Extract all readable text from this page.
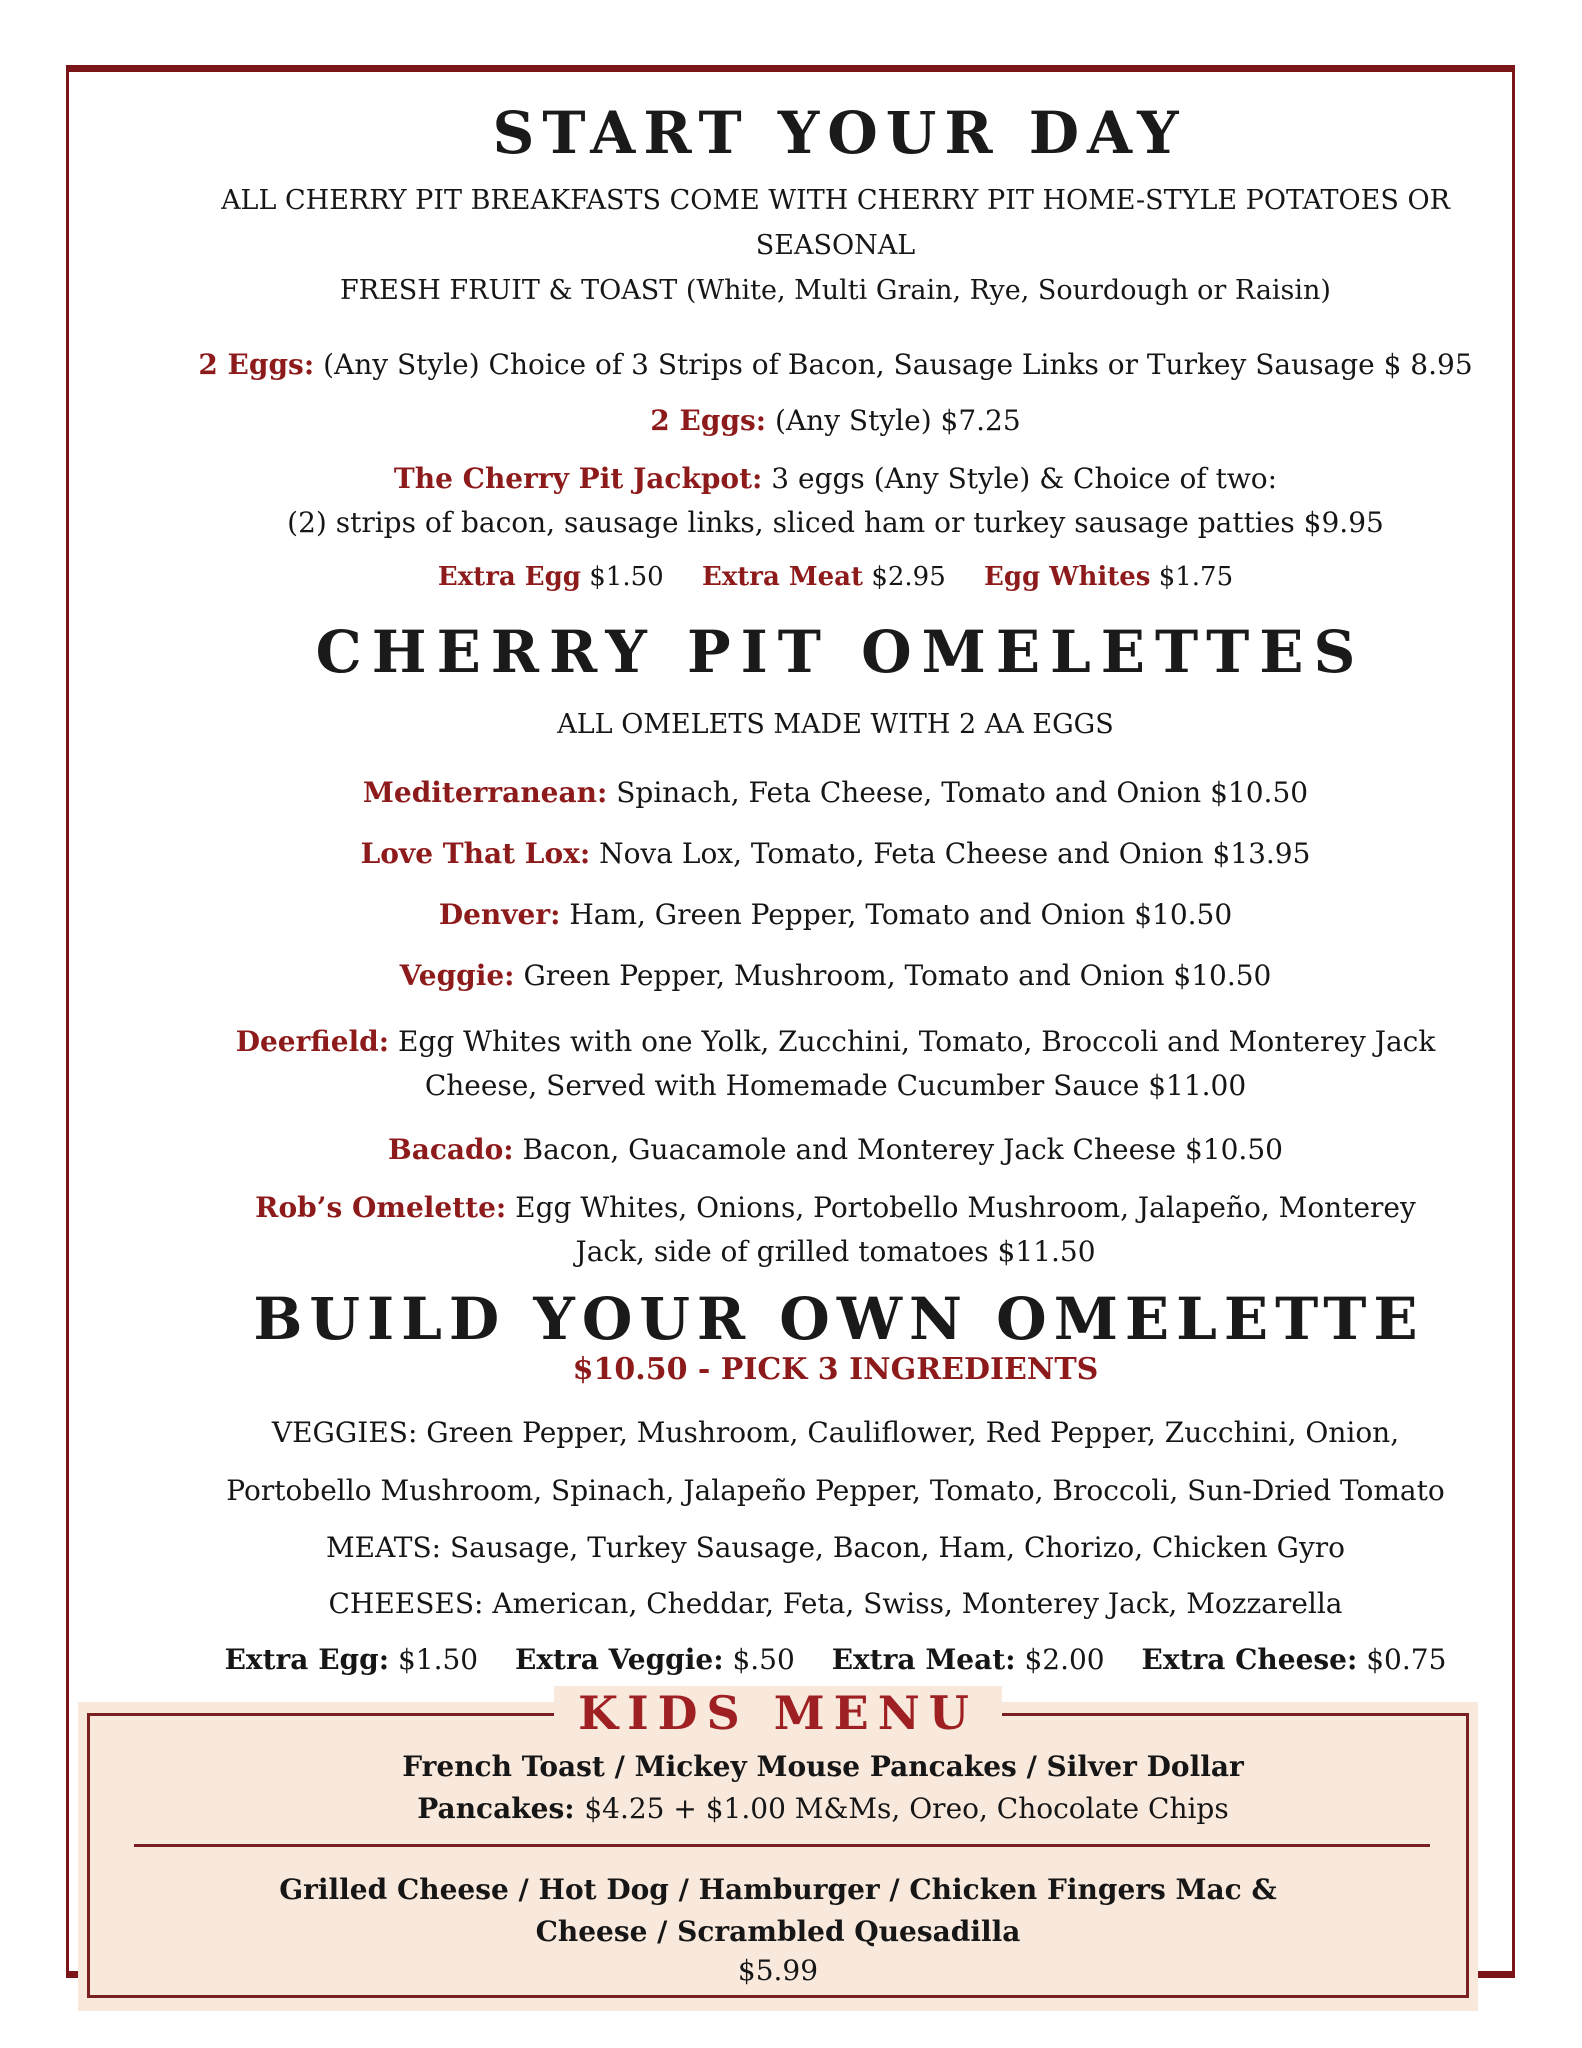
START YOUR DAY
ALL CHERRY PIT BREAKFASTS COME WITH CHERRY PIT HOME-STYLE POTATOES OR SEASONAL
FRESH FRUIT & TOAST (White, Multi Grain, Rye, Sourdough or Raisin)

2 Eggs: (Any Style) Choice of 3 Strips of Bacon, Sausage Links or Turkey Sausage $ 8.95

2 Eggs: (Any Style) $7.25

The Cherry Pit Jackpot: 3 eggs (Any Style) & Choice of two:
(2) strips of bacon, sausage links, sliced ham or turkey sausage patties $9.95

Extra Egg $1.50 Extra Meat $2.95 Egg Whites $1.75

CHERRY PIT OMELETTES
ALL OMELETS MADE WITH 2 AA EGGS

Mediterranean: Spinach, Feta Cheese, Tomato and Onion $10.50

Love That Lox: Nova Lox, Tomato, Feta Cheese and Onion $13.95

Denver: Ham, Green Pepper, Tomato and Onion $10.50

Veggie: Green Pepper, Mushroom, Tomato and Onion $10.50

Deerfield: Egg Whites with one Yolk, Zucchini, Tomato, Broccoli and Monterey Jack
Cheese, Served with Homemade Cucumber Sauce $11.00

Bacado: Bacon, Guacamole and Monterey Jack Cheese $10.50

Rob’s Omelette: Egg Whites, Onions, Portobello Mushroom, Jalapeño, Monterey
Jack, side of grilled tomatoes $11.50

BUILD YOUR OWN OMELETTE
$10.50 - PICK 3 INGREDIENTS
VEGGIES: Green Pepper, Mushroom, Cauliflower, Red Pepper, Zucchini, Onion,
Portobello Mushroom, Spinach, Jalapeño Pepper, Tomato, Broccoli, Sun-Dried Tomato
MEATS: Sausage, Turkey Sausage, Bacon, Ham, Chorizo, Chicken Gyro
CHEESES: American, Cheddar, Feta, Swiss, Monterey Jack, Mozzarella
Extra Egg: $1.50 Extra Veggie: $.50 Extra Meat: $2.00 Extra Cheese: $0.75
KIDS MENU
French Toast / Mickey Mouse Pancakes / Silver Dollar
Pancakes: $4.25 + $1.00 M&Ms, Oreo, Chocolate Chips
Grilled Cheese / Hot Dog / Hamburger / Chicken Fingers Mac &
Cheese / Scrambled Quesadilla
$5.99
